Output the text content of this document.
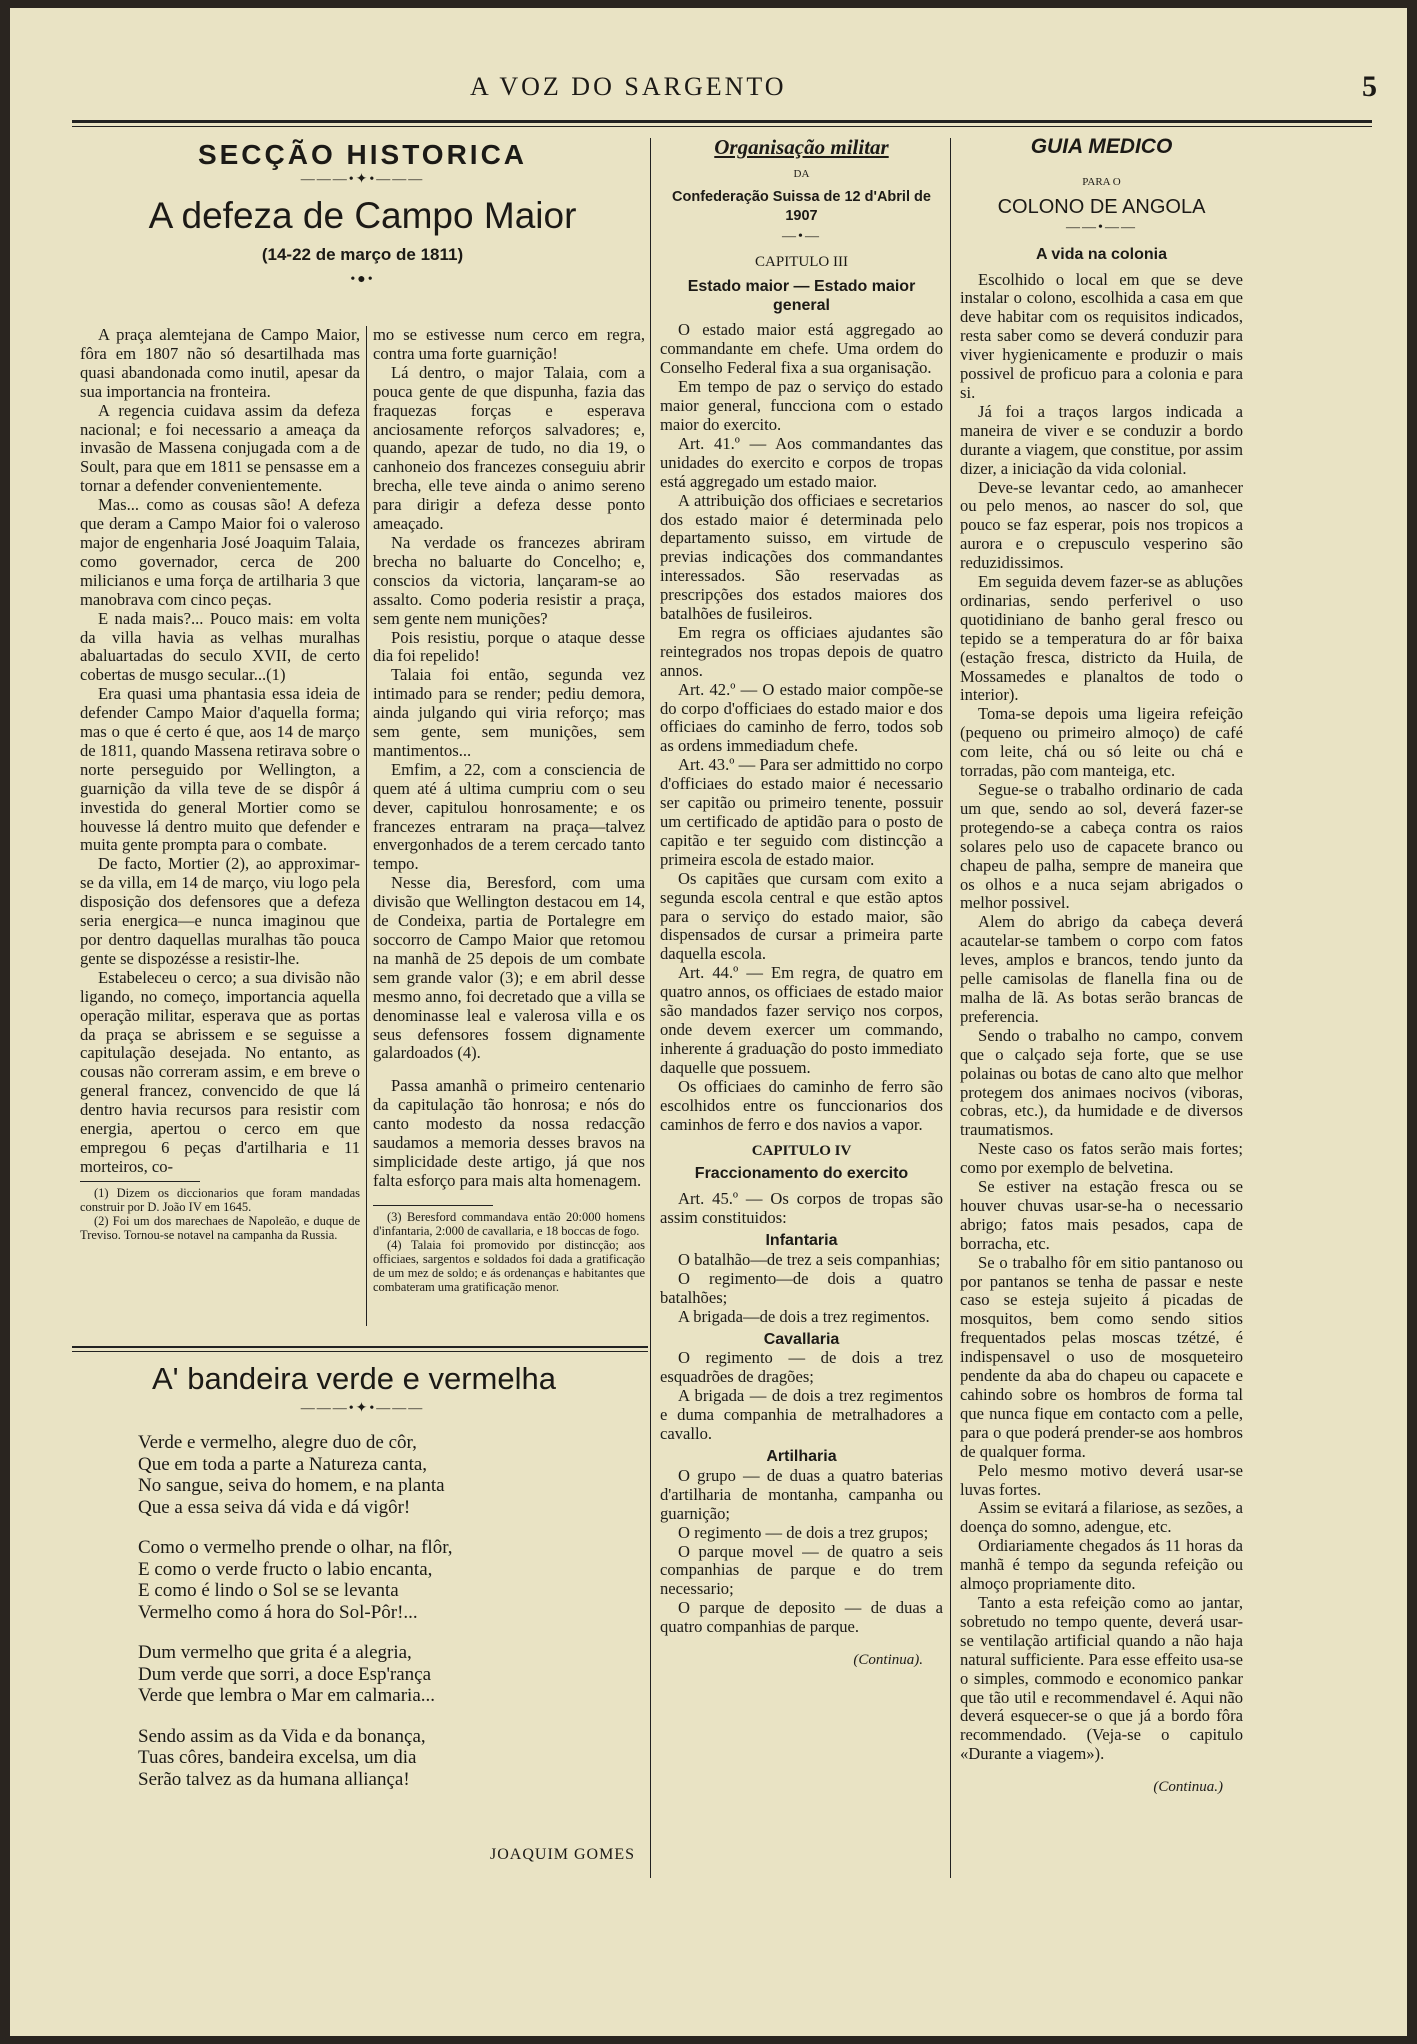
A VOZ DO SARGENTO	5
SECÇÃO HISTORICA
———•✦•———
A defeza de Campo Maior
(14-22 de março de 1811)
•●•

A praça alemtejana de Campo Maior, fôra em 1807 não só desartilhada mas quasi abandonada como inutil, apesar da sua importancia na fronteira.

A regencia cuidava assim da defeza nacional; e foi necessario a ameaça da invasão de Massena conjugada com a de Soult, para que em 1811 se pensasse em a tornar a defender convenientemente.

Mas... como as cousas são! A defeza que deram a Campo Maior foi o valeroso major de engenharia José Joaquim Talaia, como governador, cerca de 200 milicianos e uma força de artilharia 3 que manobrava com cinco peças.

E nada mais?... Pouco mais: em volta da villa havia as velhas muralhas abaluartadas do seculo XVII, de certo cobertas de musgo secular...(1)

Era quasi uma phantasia essa ideia de defender Campo Maior d'aquella forma; mas o que é certo é que, aos 14 de março de 1811, quando Massena retirava sobre o norte perseguido por Wellington, a guarnição da villa teve de se dispôr á investida do general Mortier como se houvesse lá dentro muito que defender e muita gente prompta para o combate.

De facto, Mortier (2), ao approximar-se da villa, em 14 de março, viu logo pela disposição dos defensores que a defeza seria energica—e nunca imaginou que por dentro daquellas muralhas tão pouca gente se dispozésse a resistir-lhe.

Estabeleceu o cerco; a sua divisão não ligando, no começo, importancia aquella operação militar, esperava que as portas da praça se abrissem e se seguisse a capitulação desejada. No entanto, as cousas não correram assim, e em breve o general francez, convencido de que lá dentro havia recursos para resistir com energia, apertou o cerco em que empregou 6 peças d'artilharia e 11 morteiros, co-

(1) Dizem os diccionarios que foram mandadas construir por D. João IV em 1645.

(2) Foi um dos marechaes de Napoleão, e duque de Treviso. Tornou-se notavel na campanha da Russia.

mo se estivesse num cerco em regra, contra uma forte guarnição!

Lá dentro, o major Talaia, com a pouca gente de que dispunha, fazia das fraquezas forças e esperava anciosamente reforços salvadores; e, quando, apezar de tudo, no dia 19, o canhoneio dos francezes conseguiu abrir brecha, elle teve ainda o animo sereno para dirigir a defeza desse ponto ameaçado.

Na verdade os francezes abriram brecha no baluarte do Concelho; e, conscios da victoria, lançaram-se ao assalto. Como poderia resistir a praça, sem gente nem munições?

Pois resistiu, porque o ataque desse dia foi repelido!

Talaia foi então, segunda vez intimado para se render; pediu demora, ainda julgando qui viria reforço; mas sem gente, sem munições, sem mantimentos...

Emfim, a 22, com a consciencia de quem até á ultima cumpriu com o seu dever, capitulou honrosamente; e os francezes entraram na praça—talvez envergonhados de a terem cercado tanto tempo.

Nesse dia, Beresford, com uma divisão que Wellington destacou em 14, de Condeixa, partia de Portalegre em soccorro de Campo Maior que retomou na manhã de 25 depois de um combate sem grande valor (3); e em abril desse mesmo anno, foi decretado que a villa se denominasse leal e valerosa villa e os seus defensores fossem dignamente galardoados (4).

Passa amanhã o primeiro centenario da capitulação tão honrosa; e nós do canto modesto da nossa redacção saudamos a memoria desses bravos na simplicidade deste artigo, já que nos falta esforço para mais alta homenagem.

(3) Beresford commandava então 20:000 homens d'infantaria, 2:000 de cavallaria, e 18 boccas de fogo.

(4) Talaia foi promovido por distincção; aos officiaes, sargentos e soldados foi dada a gratificação de um mez de soldo; e ás ordenanças e habitantes que combateram uma gratificação menor.

A' bandeira verde e vermelha
———•✦•———
Verde e vermelho, alegre duo de côr,
Que em toda a parte a Natureza canta,
No sangue, seiva do homem, e na planta
Que a essa seiva dá vida e dá vigôr!
Como o vermelho prende o olhar, na flôr,
E como o verde fructo o labio encanta,
E como é lindo o Sol se se levanta
Vermelho como á hora do Sol-Pôr!...
Dum vermelho que grita é a alegria,
Dum verde que sorri, a doce Esp'rança
Verde que lembra o Mar em calmaria...
Sendo assim as da Vida e da bonança,
Tuas côres, bandeira excelsa, um dia
Serão talvez as da humana alliança!
JOAQUIM GOMES
Organisação militar
DA
Confederação Suissa de 12 d'Abril de 1907
—•—
CAPITULO III
Estado maior — Estado maior general

O estado maior está aggregado ao commandante em chefe. Uma ordem do Conselho Federal fixa a sua organisação.

Em tempo de paz o serviço do estado maior general, funcciona com o estado maior do exercito.

Art. 41.º — Aos commandantes das unidades do exercito e corpos de tropas está aggregado um estado maior.

A attribuição dos officiaes e secretarios dos estado maior é determinada pelo departamento suisso, em virtude de previas indicações dos commandantes interessados. São reservadas as prescripções dos estados maiores dos batalhões de fusileiros.

Em regra os officiaes ajudantes são reintegrados nos tropas depois de quatro annos.

Art. 42.º — O estado maior compõe-se do corpo d'officiaes do estado maior e dos officiaes do caminho de ferro, todos sob as ordens immediadum chefe.

Art. 43.º — Para ser admittido no corpo d'officiaes do estado maior é necessario ser capitão ou primeiro tenente, possuir um certificado de aptidão para o posto de capitão e ter seguido com distincção a primeira escola de estado maior.

Os capitães que cursam com exito a segunda escola central e que estão aptos para o serviço do estado maior, são dispensados de cursar a primeira parte daquella escola.

Art. 44.º — Em regra, de quatro em quatro annos, os officiaes de estado maior são mandados fazer serviço nos corpos, onde devem exercer um commando, inherente á graduação do posto immediato daquelle que possuem.

Os officiaes do caminho de ferro são escolhidos entre os funccionarios dos caminhos de ferro e dos navios a vapor.

CAPITULO IV
Fraccionamento do exercito

Art. 45.º — Os corpos de tropas são assim constituidos:

Infantaria

O batalhão—de trez a seis companhias;

O regimento—de dois a quatro batalhões;

A brigada—de dois a trez regimentos.

Cavallaria

O regimento — de dois a trez esquadrões de dragões;

A brigada — de dois a trez regimentos e duma companhia de metralhadores a cavallo.

Artilharia

O grupo — de duas a quatro baterias d'artilharia de montanha, campanha ou guarnição;

O regimento — de dois a trez grupos;

O parque movel — de quatro a seis companhias de parque e do trem necessario;

O parque de deposito — de duas a quatro companhias de parque.

(Continua).
GUIA MEDICO
PARA O
COLONO DE ANGOLA
——•——
A vida na colonia

Escolhido o local em que se deve instalar o colono, escolhida a casa em que deve habitar com os requisitos indicados, resta saber como se deverá conduzir para viver hygienicamente e produzir o mais possivel de proficuo para a colonia e para si.

Já foi a traços largos indicada a maneira de viver e se conduzir a bordo durante a viagem, que constitue, por assim dizer, a iniciação da vida colonial.

Deve-se levantar cedo, ao amanhecer ou pelo menos, ao nascer do sol, que pouco se faz esperar, pois nos tropicos a aurora e o crepusculo vesperino são reduzidissimos.

Em seguida devem fazer-se as abluções ordinarias, sendo perferivel o uso quotidiniano de banho geral fresco ou tepido se a temperatura do ar fôr baixa (estação fresca, districto da Huila, de Mossamedes e planaltos de todo o interior).

Toma-se depois uma ligeira refeição (pequeno ou primeiro almoço) de café com leite, chá ou só leite ou chá e torradas, pão com manteiga, etc.

Segue-se o trabalho ordinario de cada um que, sendo ao sol, deverá fazer-se protegendo-se a cabeça contra os raios solares pelo uso de capacete branco ou chapeu de palha, sempre de maneira que os olhos e a nuca sejam abrigados o melhor possivel.

Alem do abrigo da cabeça deverá acautelar-se tambem o corpo com fatos leves, amplos e brancos, tendo junto da pelle camisolas de flanella fina ou de malha de lã. As botas serão brancas de preferencia.

Sendo o trabalho no campo, convem que o calçado seja forte, que se use polainas ou botas de cano alto que melhor protegem dos animaes nocivos (viboras, cobras, etc.), da humidade e de diversos traumatismos.

Neste caso os fatos serão mais fortes; como por exemplo de belvetina.

Se estiver na estação fresca ou se houver chuvas usar-se-ha o necessario abrigo; fatos mais pesados, capa de borracha, etc.

Se o trabalho fôr em sitio pantanoso ou por pantanos se tenha de passar e neste caso se esteja sujeito á picadas de mosquitos, bem como sendo sitios frequentados pelas moscas tzétzé, é indispensavel o uso de mosqueteiro pendente da aba do chapeu ou capacete e cahindo sobre os hombros de forma tal que nunca fique em contacto com a pelle, para o que poderá prender-se aos hombros de qualquer forma.

Pelo mesmo motivo deverá usar-se luvas fortes.

Assim se evitará a filariose, as sezões, a doença do somno, adengue, etc.

Ordiariamente chegados ás 11 horas da manhã é tempo da segunda refeição ou almoço propriamente dito.

Tanto a esta refeição como ao jantar, sobretudo no tempo quente, deverá usar-se ventilação artificial quando a não haja natural sufficiente. Para esse effeito usa-se o simples, commodo e economico pankar que tão util e recommendavel é. Aqui não deverá esquecer-se o que já a bordo fôra recommendado. (Veja-se o capitulo «Durante a viagem»).

(Continua.)
